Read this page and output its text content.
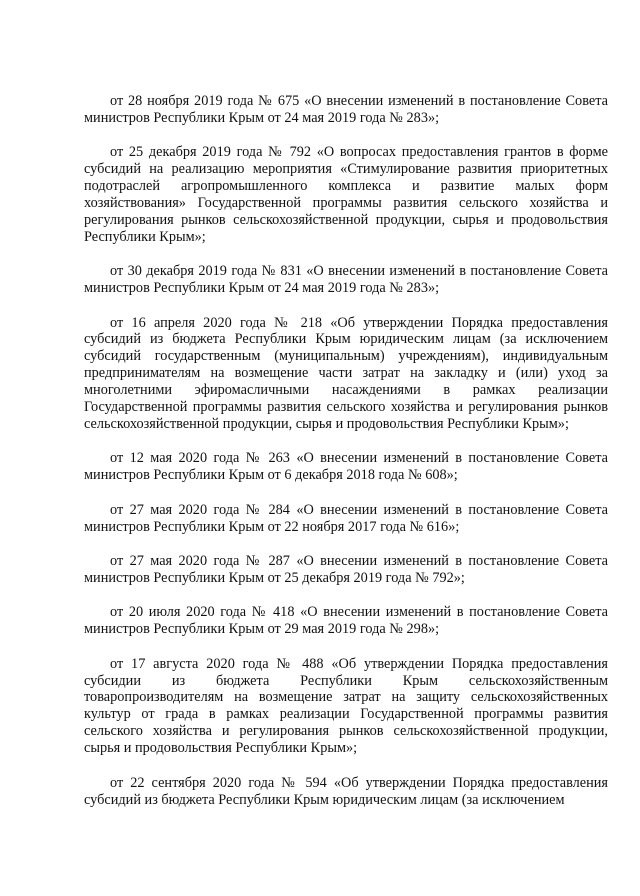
от 28 ноября 2019 года № 675 «О внесении изменений в постановление Совета министров Республики Крым от 24 мая 2019 года № 283»;

от 25 декабря 2019 года № 792 «О вопросах предоставления грантов в форме субсидий на реализацию мероприятия «Стимулирование развития приоритетных подотраслей агропромышленного комплекса и развитие малых форм хозяйствования» Государственной программы развития сельского хозяйства и регулирования рынков сельскохозяйственной продукции, сырья и продовольствия Республики Крым»;

от 30 декабря 2019 года № 831 «О внесении изменений в постановление Совета министров Республики Крым от 24 мая 2019 года № 283»;

от 16 апреля 2020 года № 218 «Об утверждении Порядка предоставления субсидий из бюджета Республики Крым юридическим лицам (за исключением субсидий государственным (муниципальным) учреждениям), индивидуальным предпринимателям на возмещение части затрат на закладку и (или) уход за многолетними эфиромасличными насаждениями в рамках реализации Государственной программы развития сельского хозяйства и регулирования рынков сельскохозяйственной продукции, сырья и продовольствия Республики Крым»;

от 12 мая 2020 года № 263 «О внесении изменений в постановление Совета министров Республики Крым от 6 декабря 2018 года № 608»;

от 27 мая 2020 года № 284 «О внесении изменений в постановление Совета министров Республики Крым от 22 ноября 2017 года № 616»;

от 27 мая 2020 года № 287 «О внесении изменений в постановление Совета министров Республики Крым от 25 декабря 2019 года № 792»;

от 20 июля 2020 года № 418 «О внесении изменений в постановление Совета министров Республики Крым от 29 мая 2019 года № 298»;

от 17 августа 2020 года № 488 «Об утверждении Порядка предоставления субсидии из бюджета Республики Крым сельскохозяйственным товаропроизводителям на возмещение затрат на защиту сельскохозяйственных культур от града в рамках реализации Государственной программы развития сельского хозяйства и регулирования рынков сельскохозяйственной продукции, сырья и продовольствия Республики Крым»;

от 22 сентября 2020 года № 594 «Об утверждении Порядка предоставления субсидий из бюджета Республики Крым юридическим лицам (за исключением
